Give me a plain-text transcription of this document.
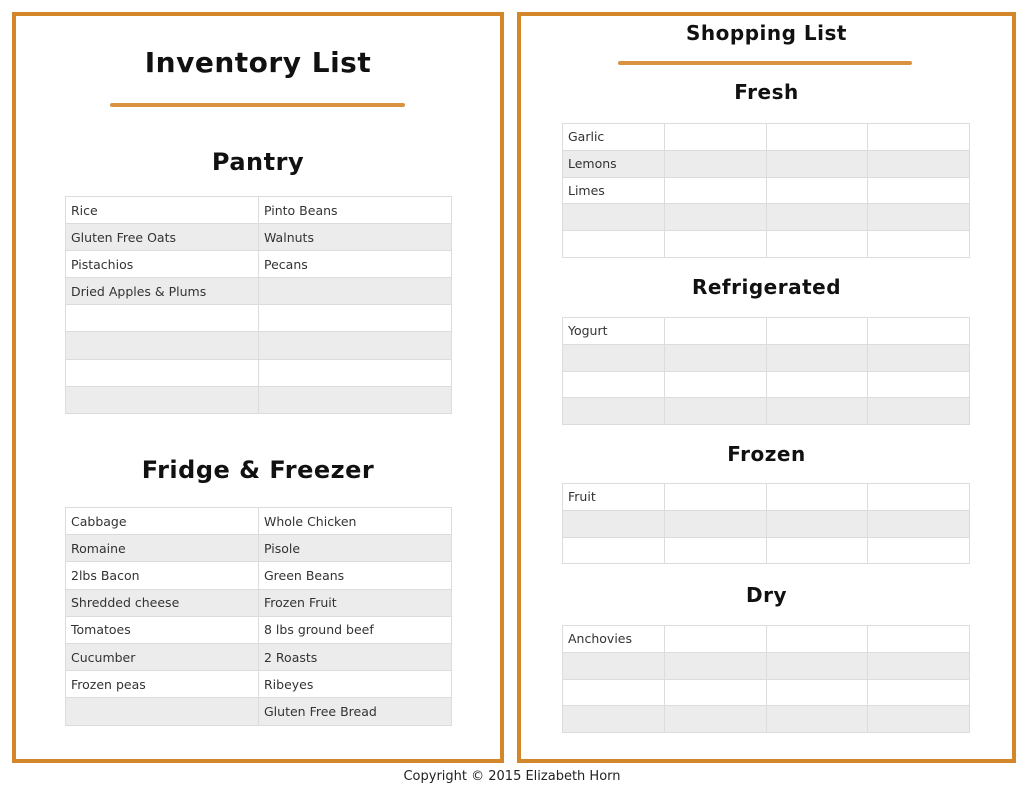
Inventory List
Pantry
Rice	Pinto Beans
Gluten Free Oats	Walnuts
Pistachios	Pecans
Dried Apples & Plums	

Fridge & Freezer
Cabbage	Whole Chicken
Romaine	Pisole
2lbs Bacon	Green Beans
Shredded cheese	Frozen Fruit
Tomatoes	8 lbs ground beef
Cucumber	2 Roasts
Frozen peas	Ribeyes
	Gluten Free Bread
Shopping List
Fresh
Garlic			
Lemons			
Limes			

Refrigerated
Yogurt			

Frozen
Fruit			

Dry
Anchovies			

Copyright © 2015 Elizabeth Horn
